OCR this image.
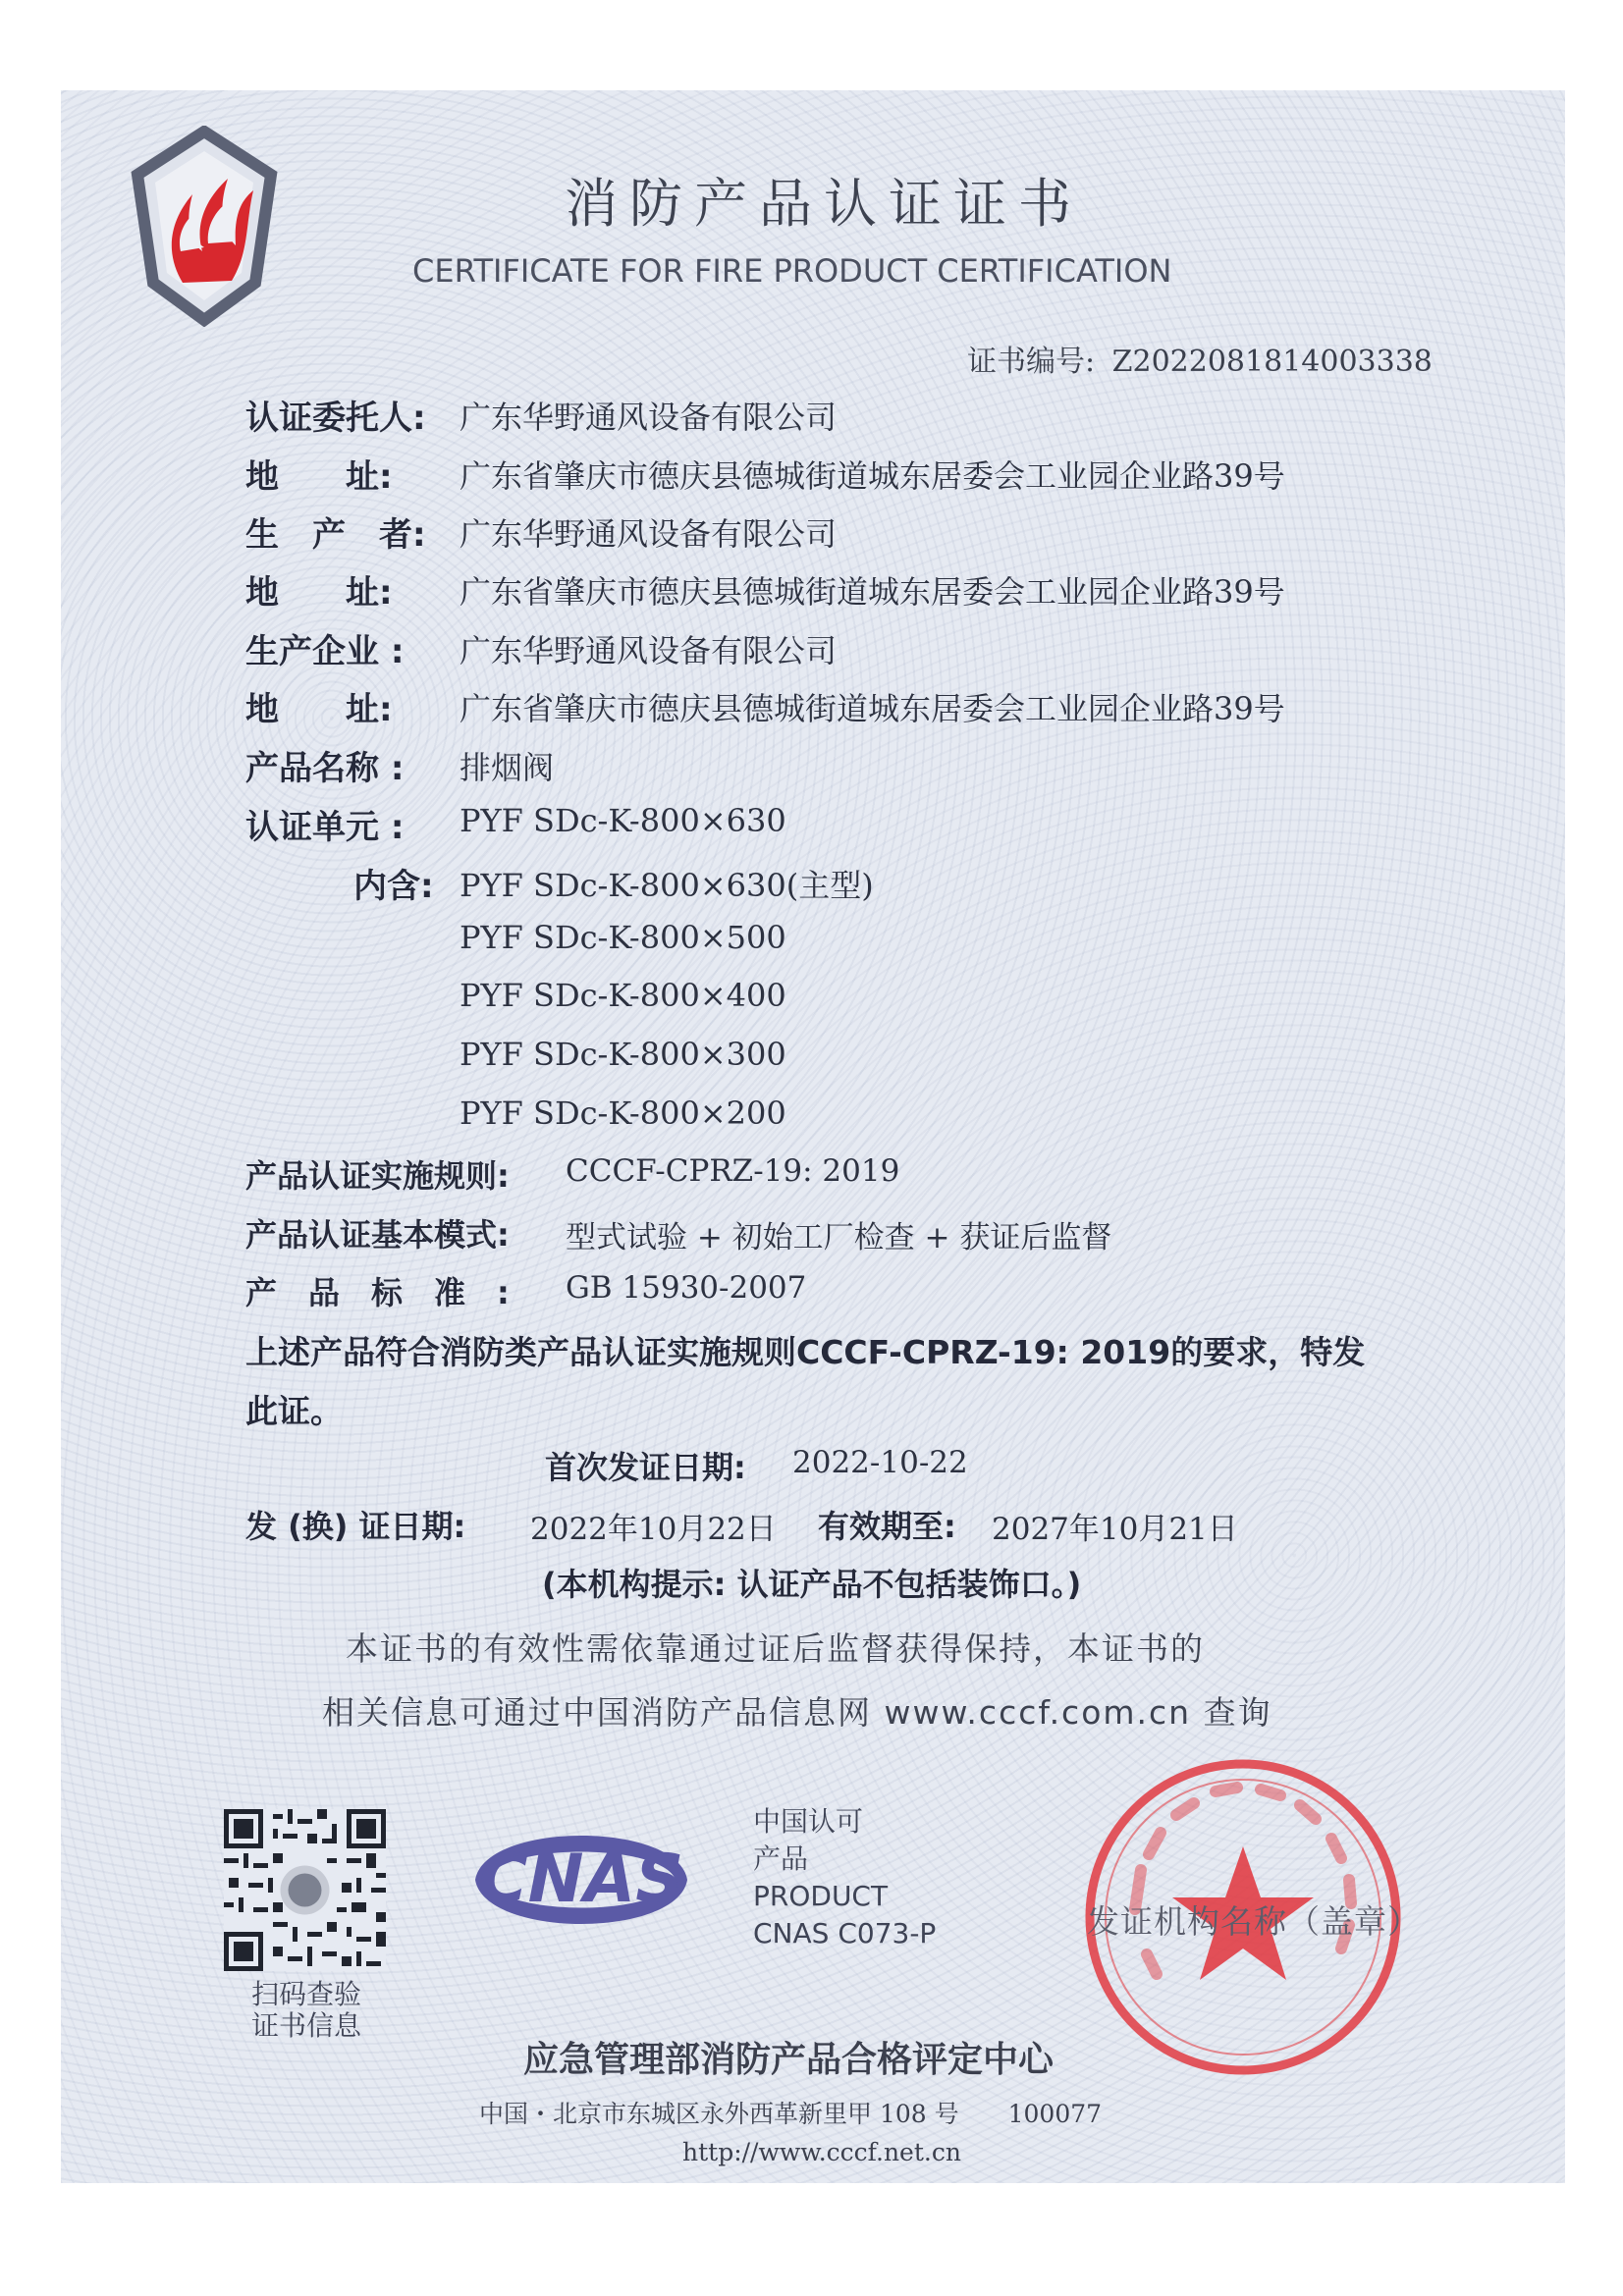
消防产品认证证书
CERTIFICATE FOR FIRE PRODUCT CERTIFICATION
证书编号: Z2022081814003338
认证委托人: 广东华野通风设备有限公司
地　　址: 广东省肇庆市德庆县德城街道城东居委会工业园企业路39号
生　产　者: 广东华野通风设备有限公司
地　　址: 广东省肇庆市德庆县德城街道城东居委会工业园企业路39号
生产企业 : 广东华野通风设备有限公司
地　　址: 广东省肇庆市德庆县德城街道城东居委会工业园企业路39号
产品名称 : 排烟阀
认证单元 : PYF SDc-K-800×630
内含: PYF SDc-K-800×630(主型)
PYF SDc-K-800×500
PYF SDc-K-800×400
PYF SDc-K-800×300
PYF SDc-K-800×200
产品认证实施规则: CCCF-CPRZ-19: 2019
产品认证基本模式: 型式试验 + 初始工厂检查 + 获证后监督
产　品　标　准　: GB 15930-2007
上述产品符合消防类产品认证实施规则CCCF-CPRZ-19: 2019的要求，特发
此证。
首次发证日期: 2022-10-22
发 (换) 证日期: 2022年10月22日 有效期至: 2027年10月21日
(本机构提示: 认证产品不包括装饰口。)
本证书的有效性需依靠通过证后监督获得保持，本证书的
相关信息可通过中国消防产品信息网 www.cccf.com.cn 查询
扫码查验
证书信息
CNAS
中国认可
产品
PRODUCT
CNAS C073-P	发证机构名称（盖章）
应急管理部消防产品合格评定中心
中国・北京市东城区永外西革新里甲 108 号　　100077
http://www.cccf.net.cn
